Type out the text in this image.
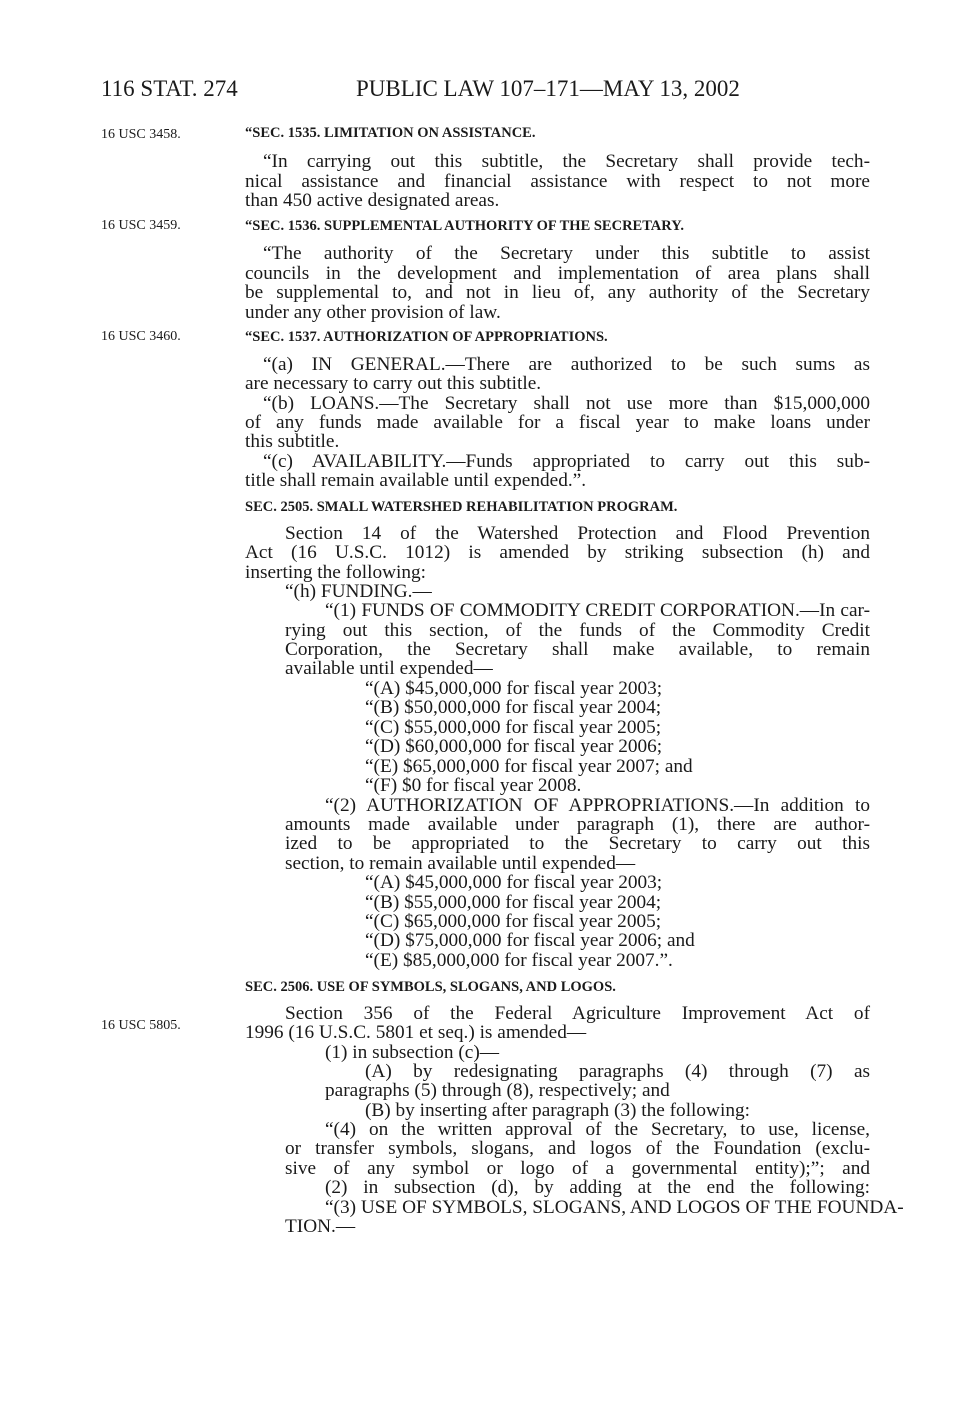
116 STAT. 274	PUBLIC LAW 107–171—MAY 13, 2002
16 USC 3458.
16 USC 3459.
16 USC 3460.
16 USC 5805.
“SEC. 1535. LIMITATION ON ASSISTANCE.
“In carrying out this subtitle, the Secretary shall provide tech-
nical assistance and financial assistance with respect to not more
than 450 active designated areas.
“SEC. 1536. SUPPLEMENTAL AUTHORITY OF THE SECRETARY.
“The authority of the Secretary under this subtitle to assist
councils in the development and implementation of area plans shall
be supplemental to, and not in lieu of, any authority of the Secretary
under any other provision of law.
“SEC. 1537. AUTHORIZATION OF APPROPRIATIONS.
“(a) IN GENERAL.—There are authorized to be such sums as
are necessary to carry out this subtitle.
“(b) LOANS.—The Secretary shall not use more than $15,000,000
of any funds made available for a fiscal year to make loans under
this subtitle.
“(c) AVAILABILITY.—Funds appropriated to carry out this sub-
title shall remain available until expended.”.
SEC. 2505. SMALL WATERSHED REHABILITATION PROGRAM.
Section 14 of the Watershed Protection and Flood Prevention
Act (16 U.S.C. 1012) is amended by striking subsection (h) and
inserting the following:
“(h) FUNDING.—
“(1) FUNDS OF COMMODITY CREDIT CORPORATION.—In car-
rying out this section, of the funds of the Commodity Credit
Corporation, the Secretary shall make available, to remain
available until expended—
“(A) $45,000,000 for fiscal year 2003;
“(B) $50,000,000 for fiscal year 2004;
“(C) $55,000,000 for fiscal year 2005;
“(D) $60,000,000 for fiscal year 2006;
“(E) $65,000,000 for fiscal year 2007; and
“(F) $0 for fiscal year 2008.
“(2) AUTHORIZATION OF APPROPRIATIONS.—In addition to
amounts made available under paragraph (1), there are author-
ized to be appropriated to the Secretary to carry out this
section, to remain available until expended—
“(A) $45,000,000 for fiscal year 2003;
“(B) $55,000,000 for fiscal year 2004;
“(C) $65,000,000 for fiscal year 2005;
“(D) $75,000,000 for fiscal year 2006; and
“(E) $85,000,000 for fiscal year 2007.”.
SEC. 2506. USE OF SYMBOLS, SLOGANS, AND LOGOS.
Section 356 of the Federal Agriculture Improvement Act of
1996 (16 U.S.C. 5801 et seq.) is amended—
(1) in subsection (c)—
(A) by redesignating paragraphs (4) through (7) as
paragraphs (5) through (8), respectively; and
(B) by inserting after paragraph (3) the following:
“(4) on the written approval of the Secretary, to use, license,
or transfer symbols, slogans, and logos of the Foundation (exclu-
sive of any symbol or logo of a governmental entity);”; and
(2) in subsection (d), by adding at the end the following:
“(3) USE OF SYMBOLS, SLOGANS, AND LOGOS OF THE FOUNDA-
TION.—
